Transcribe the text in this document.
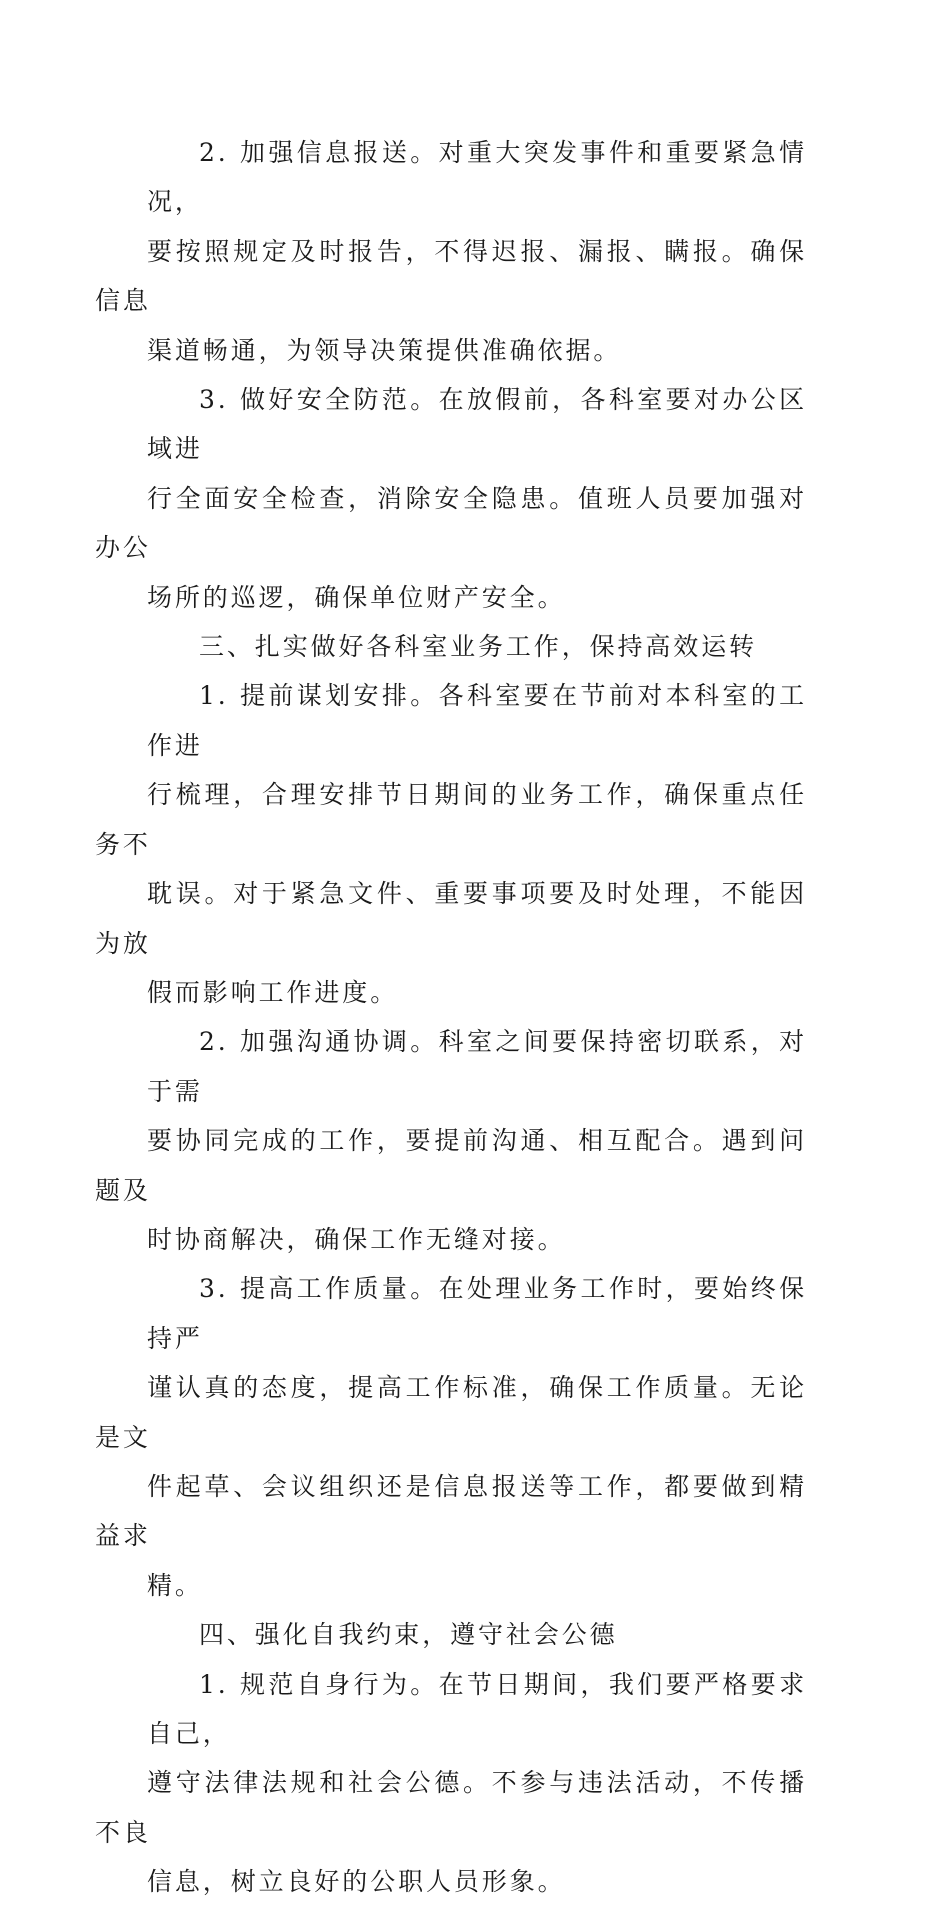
2. 加强信息报送。对重大突发事件和重要紧急情况，
要按照规定及时报告，不得迟报、漏报、瞒报。确保信息
渠道畅通，为领导决策提供准确依据。

3. 做好安全防范。在放假前，各科室要对办公区域进
行全面安全检查，消除安全隐患。值班人员要加强对办公
场所的巡逻，确保单位财产安全。

三、扎实做好各科室业务工作，保持高效运转

1. 提前谋划安排。各科室要在节前对本科室的工作进
行梳理，合理安排节日期间的业务工作，确保重点任务不
耽误。对于紧急文件、重要事项要及时处理，不能因为放
假而影响工作进度。

2. 加强沟通协调。科室之间要保持密切联系，对于需
要协同完成的工作，要提前沟通、相互配合。遇到问题及
时协商解决，确保工作无缝对接。

3. 提高工作质量。在处理业务工作时，要始终保持严
谨认真的态度，提高工作标准，确保工作质量。无论是文
件起草、会议组织还是信息报送等工作，都要做到精益求
精。

四、强化自我约束，遵守社会公德

1. 规范自身行为。在节日期间，我们要严格要求自己，
遵守法律法规和社会公德。不参与违法活动，不传播不良
信息，树立良好的公职人员形象。
